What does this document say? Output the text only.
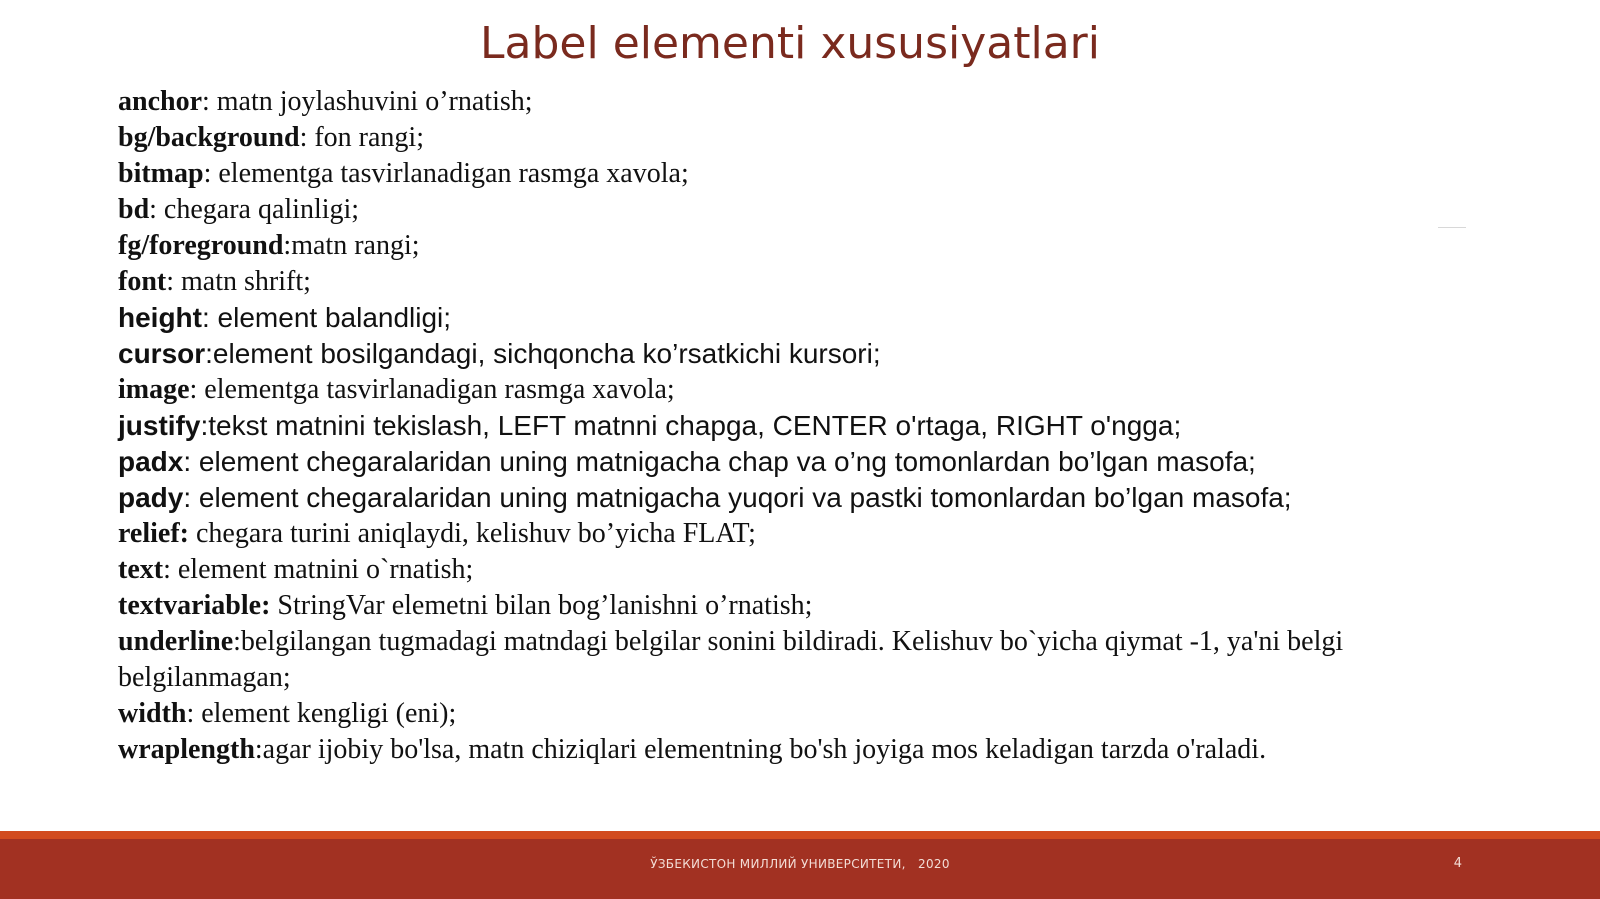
Label elementi xususiyatlari
anchor: matn joylashuvini o’rnatish;
bg/background: fon rangi;
bitmap: elementga tasvirlanadigan rasmga xavola;
bd: chegara qalinligi;
fg/foreground:matn rangi;
font: matn shrift;
height: element balandligi;
cursor:element bosilgandagi, sichqoncha ko’rsatkichi kursori;
image: elementga tasvirlanadigan rasmga xavola;
justify:tekst matnini tekislash, LEFT matnni chapga, CENTER o'rtaga, RIGHT o'ngga;
padx: element chegaralaridan uning matnigacha chap va o’ng tomonlardan bo’lgan masofa;
pady: element chegaralaridan uning matnigacha yuqori va pastki tomonlardan bo’lgan masofa;
relief: chegara turini aniqlaydi, kelishuv bo’yicha FLAT;
text: element matnini o`rnatish;
textvariable: StringVar elemetni bilan bog’lanishni o’rnatish;
underline:belgilangan tugmadagi matndagi belgilar sonini bildiradi. Kelishuv bo`yicha qiymat -1, ya'ni belgi belgilanmagan;
width: element kengligi (eni);
wraplength:agar ijobiy bo'lsa, matn chiziqlari elementning bo'sh joyiga mos keladigan tarzda o'raladi.
ЎЗБЕКИСТОН МИЛЛИЙ УНИВЕРСИТЕТИ,   2020	4
